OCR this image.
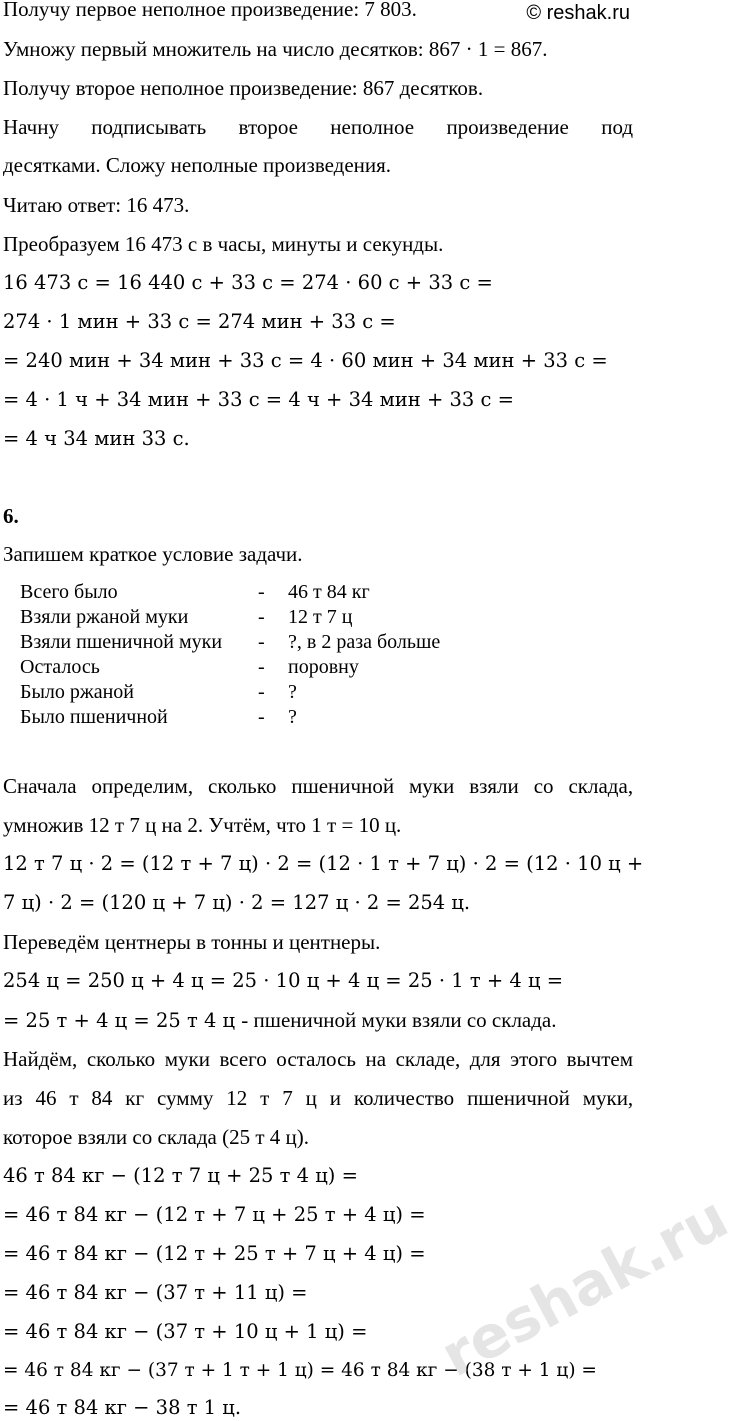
© reshak.ru
Получу первое неполное произведение: 7 803.
Умножу первый множитель на число десятков: 867 · 1 = 867.
Получу второе неполное произведение: 867 десятков.
Начну подписывать второе неполное произведение под
десятками. Сложу неполные произведения.
Читаю ответ: 16 473.
Преобразуем 16 473 с в часы, минуты и секунды.
16 473 с = 16 440 с + 33 с = 274 · 60 с + 33 с =
274 · 1 мин + 33 с = 274 мин + 33 с =
= 240 мин + 34 мин + 33 с = 4 · 60 мин + 34 мин + 33 с =
= 4 · 1 ч + 34 мин + 33 с = 4 ч + 34 мин + 33 с =
= 4 ч 34 мин 33 с.
6.
Запишем краткое условие задачи.
Всего было	-	46 т 84 кг
Взяли ржаной муки	-	12 т 7 ц
Взяли пшеничной муки	-	?, в 2 раза больше
Осталось	-	поровну
Было ржаной	-	?
Было пшеничной	-	?
Сначала определим, сколько пшеничной муки взяли со склада,
умножив 12 т 7 ц на 2. Учтём, что 1 т = 10 ц.
12 т 7 ц · 2 = (12 т + 7 ц) · 2 = (12 · 1 т + 7 ц) · 2 = (12 · 10 ц +
7 ц) · 2 = (120 ц + 7 ц) · 2 = 127 ц · 2 = 254 ц.
Переведём центнеры в тонны и центнеры.
254 ц = 250 ц + 4 ц = 25 · 10 ц + 4 ц = 25 · 1 т + 4 ц =
= 25 т + 4 ц = 25 т 4 ц - пшеничной муки взяли со склада.
Найдём, сколько муки всего осталось на складе, для этого вычтем
из 46 т 84 кг сумму 12 т 7 ц и количество пшеничной муки,
которое взяли со склада (25 т 4 ц).
46 т 84 кг − (12 т 7 ц + 25 т 4 ц) =
= 46 т 84 кг − (12 т + 7 ц + 25 т + 4 ц) =
= 46 т 84 кг − (12 т + 25 т + 7 ц + 4 ц) =
= 46 т 84 кг − (37 т + 11 ц) =
= 46 т 84 кг − (37 т + 10 ц + 1 ц) =
= 46 т 84 кг − (37 т + 1 т + 1 ц) = 46 т 84 кг − (38 т + 1 ц) =
= 46 т 84 кг − 38 т 1 ц.
reshak.ru
